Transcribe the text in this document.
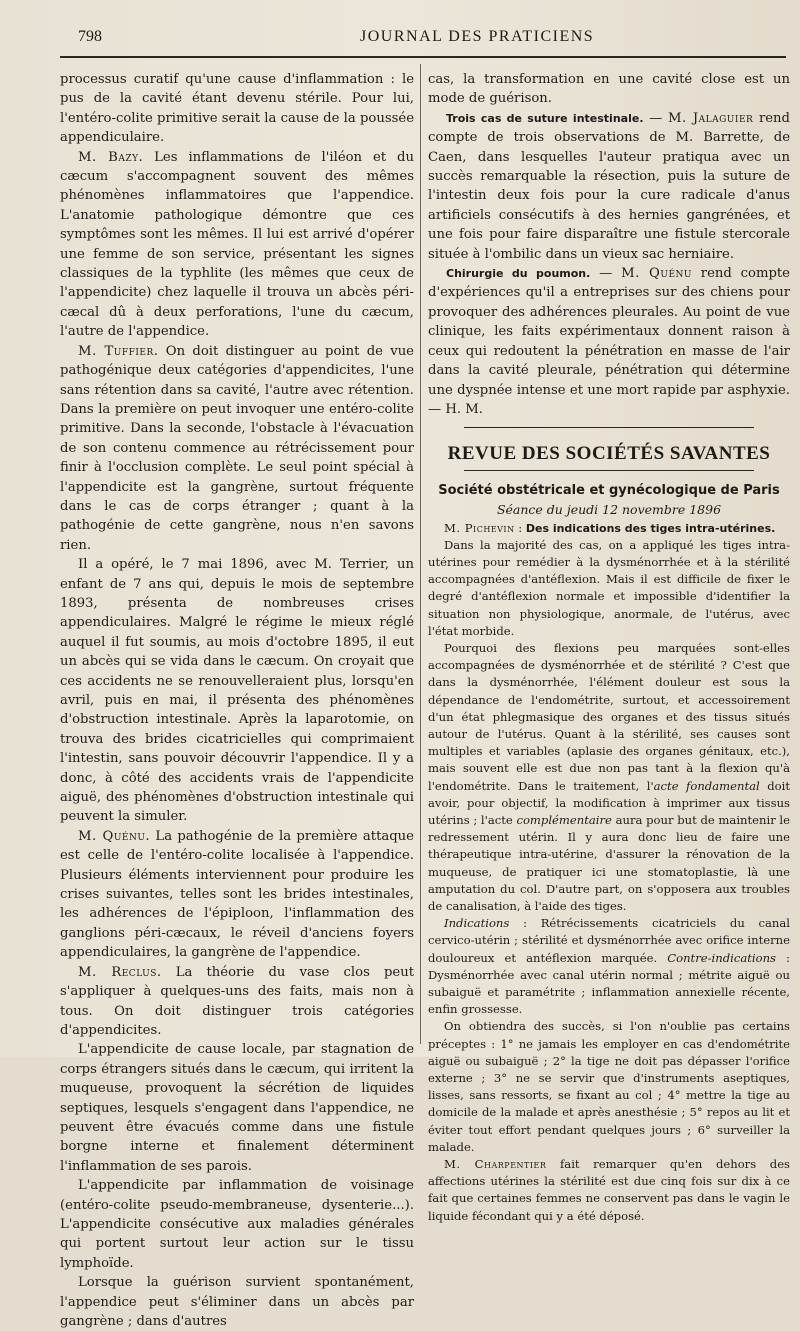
798	JOURNAL DES PRATICIENS

processus curatif qu'une cause d'inflammation : le pus de la cavité étant devenu stérile. Pour lui, l'entéro-colite primitive serait la cause de la poussée appendiculaire.

M. Bazy. Les inflammations de l'iléon et du cæcum s'accompagnent souvent des mêmes phénomènes inflammatoires que l'appendice. L'anatomie pathologique démontre que ces symptômes sont les mêmes. Il lui est arrivé d'opérer une femme de son service, présentant les signes classiques de la typhlite (les mêmes que ceux de l'appendicite) chez laquelle il trouva un abcès péri-cæcal dû à deux perforations, l'une du cæcum, l'autre de l'appendice.

M. Tuffier. On doit distinguer au point de vue pathogénique deux catégories d'appendicites, l'une sans rétention dans sa cavité, l'autre avec rétention. Dans la première on peut invoquer une entéro-colite primitive. Dans la seconde, l'obstacle à l'évacuation de son contenu commence au rétrécissement pour finir à l'occlusion complète. Le seul point spécial à l'appendicite est la gangrène, surtout fréquente dans le cas de corps étranger ; quant à la pathogénie de cette gangrène, nous n'en savons rien.

Il a opéré, le 7 mai 1896, avec M. Terrier, un enfant de 7 ans qui, depuis le mois de septembre 1893, présenta de nombreuses crises appendiculaires. Malgré le régime le mieux réglé auquel il fut soumis, au mois d'octobre 1895, il eut un abcès qui se vida dans le cæcum. On croyait que ces accidents ne se renouvelleraient plus, lorsqu'en avril, puis en mai, il présenta des phénomènes d'obstruction intestinale. Après la laparotomie, on trouva des brides cicatricielles qui comprimaient l'intestin, sans pouvoir découvrir l'appendice. Il y a donc, à côté des accidents vrais de l'appendicite aiguë, des phénomènes d'obstruction intestinale qui peuvent la simuler.

M. Quénu. La pathogénie de la première attaque est celle de l'entéro-colite localisée à l'appendice. Plusieurs éléments interviennent pour produire les crises suivantes, telles sont les brides intestinales, les adhérences de l'épiploon, l'inflammation des ganglions péri-cæcaux, le réveil d'anciens foyers appendiculaires, la gangrène de l'appendice.

M. Reclus. La théorie du vase clos peut s'appliquer à quelques-uns des faits, mais non à tous. On doit distinguer trois catégories d'appendicites.

L'appendicite de cause locale, par stagnation de corps étrangers situés dans le cæcum, qui irritent la muqueuse, provoquent la sécrétion de liquides septiques, lesquels s'engagent dans l'appendice, ne peuvent être évacués comme dans une fistule borgne interne et finalement déterminent l'inflammation de ses parois.

L'appendicite par inflammation de voisinage (entéro-colite pseudo-membraneuse, dysenterie...). L'appendicite consécutive aux maladies générales qui portent surtout leur action sur le tissu lymphoïde.

Lorsque la guérison survient spontanément, l'appendice peut s'éliminer dans un abcès par gangrène ; dans d'autres

cas, la transformation en une cavité close est un mode de guérison.

Trois cas de suture intestinale. — M. Jalaguier rend compte de trois observations de M. Barrette, de Caen, dans lesquelles l'auteur pratiqua avec un succès remarquable la résection, puis la suture de l'intestin deux fois pour la cure radicale d'anus artificiels consécutifs à des hernies gangrénées, et une fois pour faire disparaître une fistule stercorale située à l'ombilic dans un vieux sac herniaire.

Chirurgie du poumon. — M. Quénu rend compte d'expériences qu'il a entreprises sur des chiens pour provoquer des adhérences pleurales. Au point de vue clinique, les faits expérimentaux donnent raison à ceux qui redoutent la pénétration en masse de l'air dans la cavité pleurale, pénétration qui détermine une dyspnée intense et une mort rapide par asphyxie. — H. M.

REVUE DES SOCIÉTÉS SAVANTES
Société obstétricale et gynécologique de Paris
Séance du jeudi 12 novembre 1896

M. Pichevin : Des indications des tiges intra-utérines.

Dans la majorité des cas, on a appliqué les tiges intra-utérines pour remédier à la dysménorrhée et à la stérilité accompagnées d'antéflexion. Mais il est difficile de fixer le degré d'antéflexion normale et impossible d'identifier la situation non physiologique, anormale, de l'utérus, avec l'état morbide.

Pourquoi des flexions peu marquées sont-elles accompagnées de dysménorrhée et de stérilité ? C'est que dans la dysménorrhée, l'élément douleur est sous la dépendance de l'endométrite, surtout, et accessoirement d'un état phlegmasique des organes et des tissus situés autour de l'utérus. Quant à la stérilité, ses causes sont multiples et variables (aplasie des organes génitaux, etc.), mais souvent elle est due non pas tant à la flexion qu'à l'endométrite. Dans le traitement, l'acte fondamental doit avoir, pour objectif, la modification à imprimer aux tissus utérins ; l'acte complémentaire aura pour but de maintenir le redressement utérin. Il y aura donc lieu de faire une thérapeutique intra-utérine, d'assurer la rénovation de la muqueuse, de pratiquer ici une stomatoplastie, là une amputation du col. D'autre part, on s'opposera aux troubles de canalisation, à l'aide des tiges.

Indications : Rétrécissements cicatriciels du canal cervico-utérin ; stérilité et dysménorrhée avec orifice interne douloureux et antéflexion marquée. Contre-indications : Dysménorrhée avec canal utérin normal ; métrite aiguë ou subaiguë et paramétrite ; inflammation annexielle récente, enfin grossesse.

On obtiendra des succès, si l'on n'oublie pas certains préceptes : 1° ne jamais les employer en cas d'endométrite aiguë ou subaiguë ; 2° la tige ne doit pas dépasser l'orifice externe ; 3° ne se servir que d'instruments aseptiques, lisses, sans ressorts, se fixant au col ; 4° mettre la tige au domicile de la malade et après anesthésie ; 5° repos au lit et éviter tout effort pendant quelques jours ; 6° surveiller la malade.

M. Charpentier fait remarquer qu'en dehors des affections utérines la stérilité est due cinq fois sur dix à ce fait que certaines femmes ne conservent pas dans le vagin le liquide fécondant qui y a été déposé.
